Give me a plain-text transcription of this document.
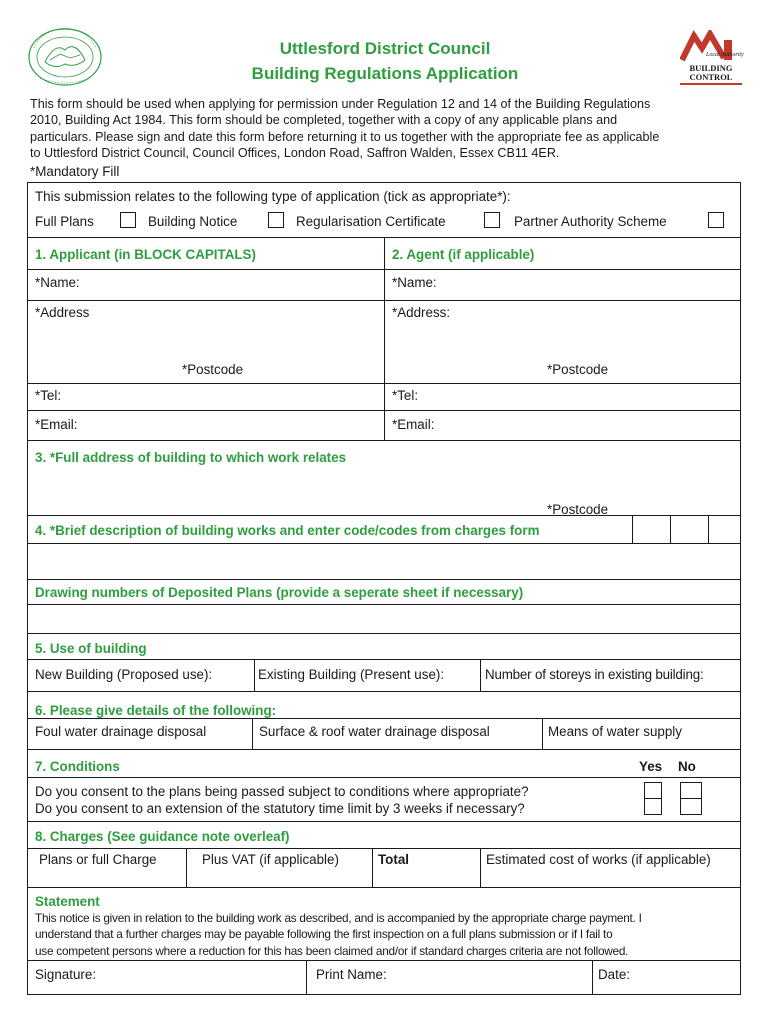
Uttlesford District Council
Building Regulations Application
Local Authority
BUILDING
CONTROL
This form should be used when applying for permission under Regulation 12 and 14 of the Building Regulations
2010, Building Act 1984. This form should be completed, together with a copy of any applicable plans and
particulars. Please sign and date this form before returning it to us together with the appropriate fee as applicable
to Uttlesford District Council, Council Offices, London Road, Saffron Walden, Essex CB11 4ER.
*Mandatory Fill
This submission relates to the following type of application (tick as appropriate*):
Full Plans	Building Notice	Regularisation Certificate	Partner Authority Scheme
1. Applicant (in BLOCK CAPITALS)	2. Agent (if applicable)
*Name:	*Name:
*Address	*Address:
*Postcode	*Postcode
*Tel:	*Tel:
*Email:	*Email:
3. *Full address of building to which work relates
*Postcode
4. *Brief description of building works and enter code/codes from charges form
Drawing numbers of Deposited Plans (provide a seperate sheet if necessary)
5. Use of building
New Building (Proposed use):	Existing Building (Present use):	Number of storeys in existing building:
6. Please give details of the following:
Foul water drainage disposal	Surface & roof water drainage disposal	Means of water supply
7. Conditions	Yes No
Do you consent to the plans being passed subject to conditions where appropriate?
Do you consent to an extension of the statutory time limit by 3 weeks if necessary?
8. Charges (See guidance note overleaf)
Plans or full Charge	Plus VAT (if applicable)	Total	Estimated cost of works (if applicable)
Statement
This notice is given in relation to the building work as described, and is accompanied by the appropriate charge payment. I
understand that a further charges may be payable following the first inspection on a full plans submission or if I fail to
use competent persons where a reduction for this has been claimed and/or if standard charges criteria are not followed.
Signature:	Print Name:	Date:
